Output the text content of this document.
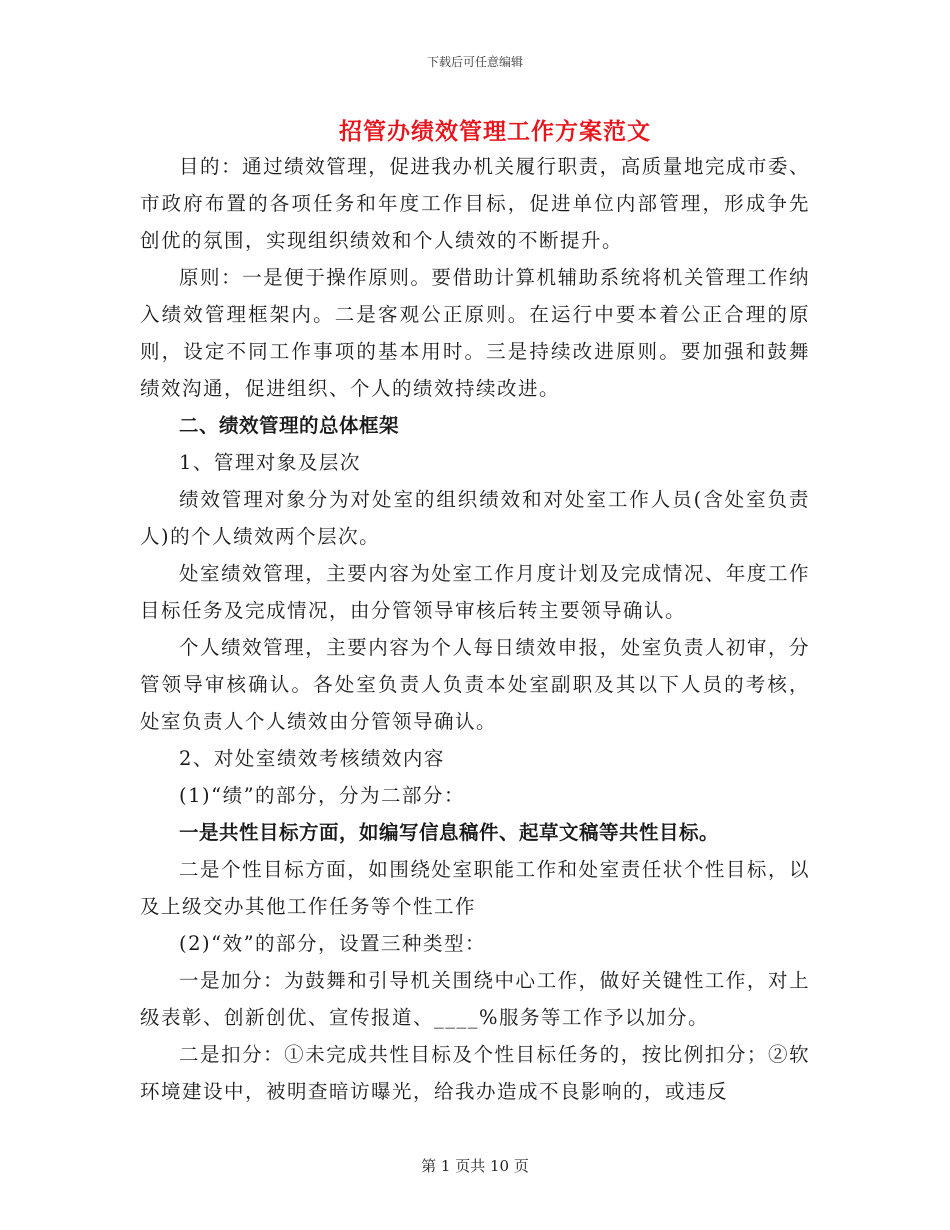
下载后可任意编辑
招管办绩效管理工作方案范文

目的：通过绩效管理，促进我办机关履行职责，高质量地完成市委、市政府布置的各项任务和年度工作目标，促进单位内部管理，形成争先创优的氛围，实现组织绩效和个人绩效的不断提升。

原则：一是便于操作原则。要借助计算机辅助系统将机关管理工作纳入绩效管理框架内。二是客观公正原则。在运行中要本着公正合理的原则，设定不同工作事项的基本用时。三是持续改进原则。要加强和鼓舞绩效沟通，促进组织、个人的绩效持续改进。

二、绩效管理的总体框架

1、管理对象及层次

绩效管理对象分为对处室的组织绩效和对处室工作人员(含处室负责人)的个人绩效两个层次。

处室绩效管理，主要内容为处室工作月度计划及完成情况、年度工作目标任务及完成情况，由分管领导审核后转主要领导确认。

个人绩效管理，主要内容为个人每日绩效申报，处室负责人初审，分管领导审核确认。各处室负责人负责本处室副职及其以下人员的考核，处室负责人个人绩效由分管领导确认。

2、对处室绩效考核绩效内容

(1)“绩”的部分，分为二部分：

一是共性目标方面，如编写信息稿件、起草文稿等共性目标。

二是个性目标方面，如围绕处室职能工作和处室责任状个性目标，以及上级交办其他工作任务等个性工作

(2)“效”的部分，设置三种类型：

一是加分：为鼓舞和引导机关围绕中心工作，做好关键性工作，对上级表彰、创新创优、宣传报道、____%服务等工作予以加分。

二是扣分：①未完成共性目标及个性目标任务的，按比例扣分；②软环境建设中，被明查暗访曝光，给我办造成不良影响的，或违反

第 1 页共 10 页
